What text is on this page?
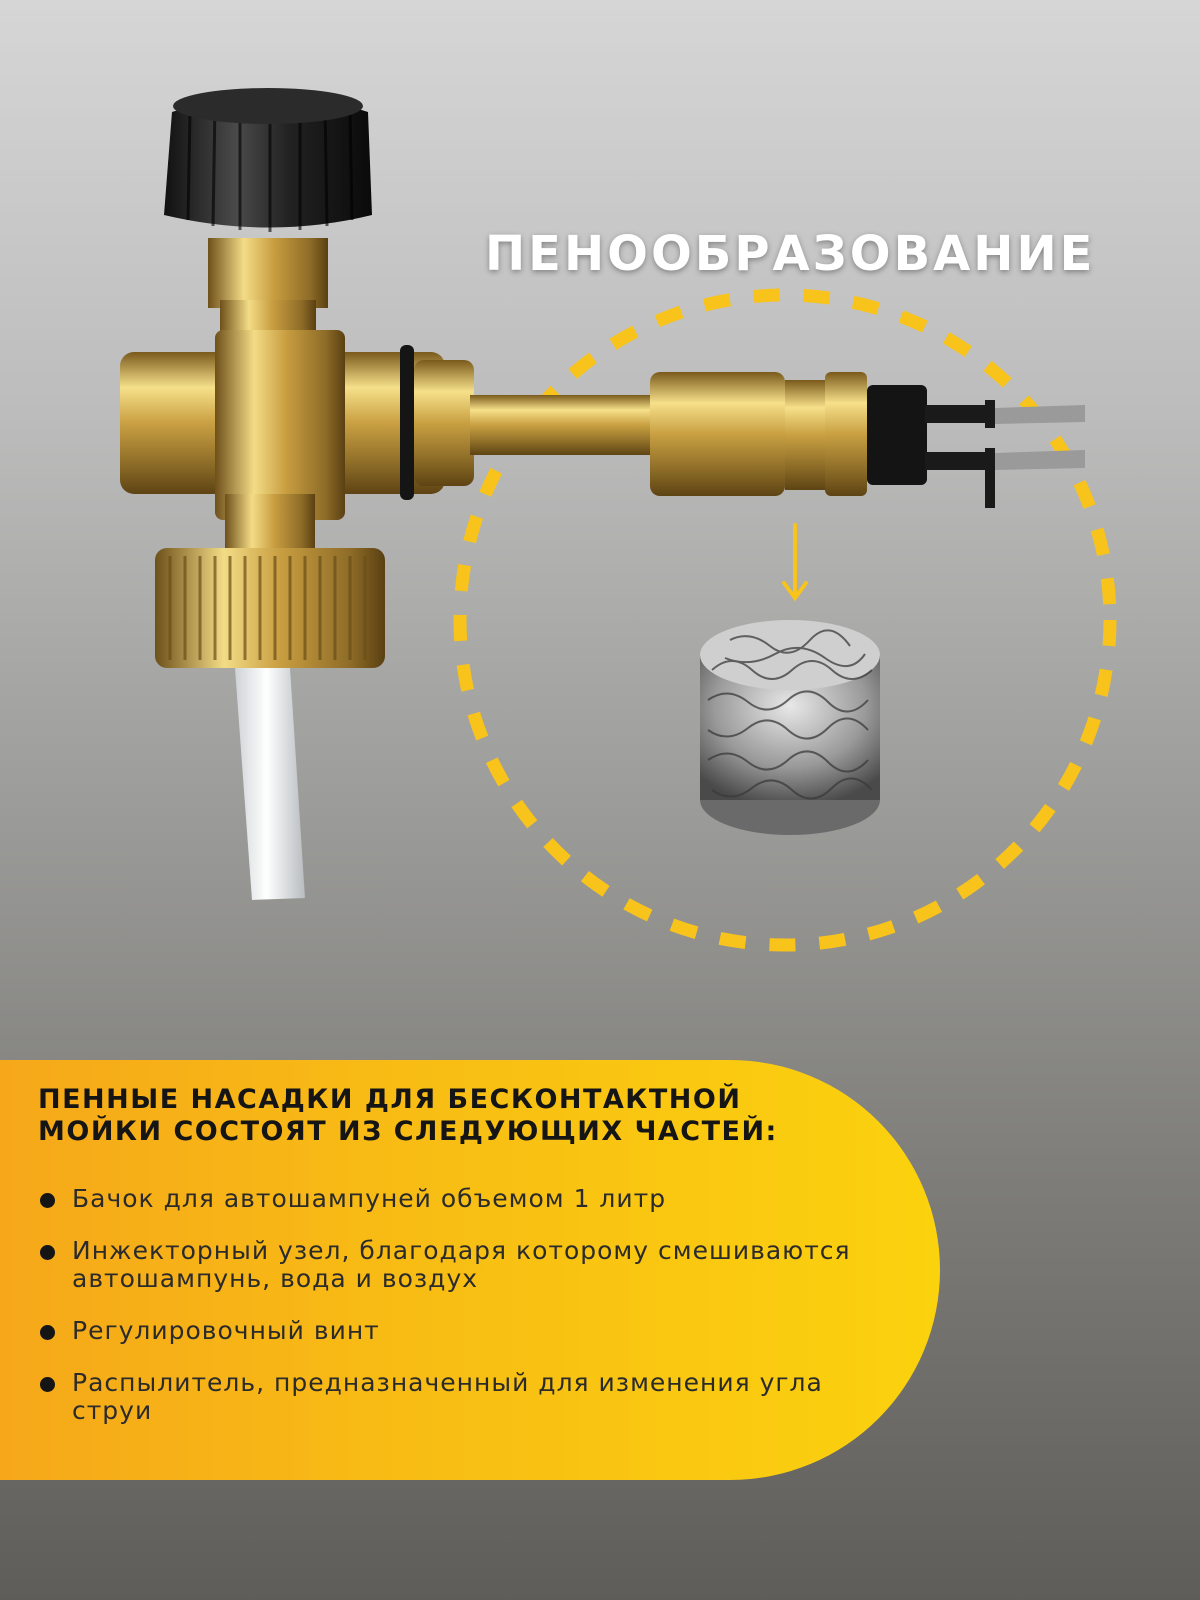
ПЕНООБРАЗОВАНИЕ
ПЕННЫЕ НАСАДКИ ДЛЯ БЕСКОНТАКТНОЙ МОЙКИ СОСТОЯТ ИЗ СЛЕДУЮЩИХ ЧАСТЕЙ:
Бачок для автошампуней объемом 1 литр
Инжекторный узел, благодаря которому смешиваются автошампунь, вода и воздух
Регулировочный винт
Распылитель, предназначенный для изменения угла струи
